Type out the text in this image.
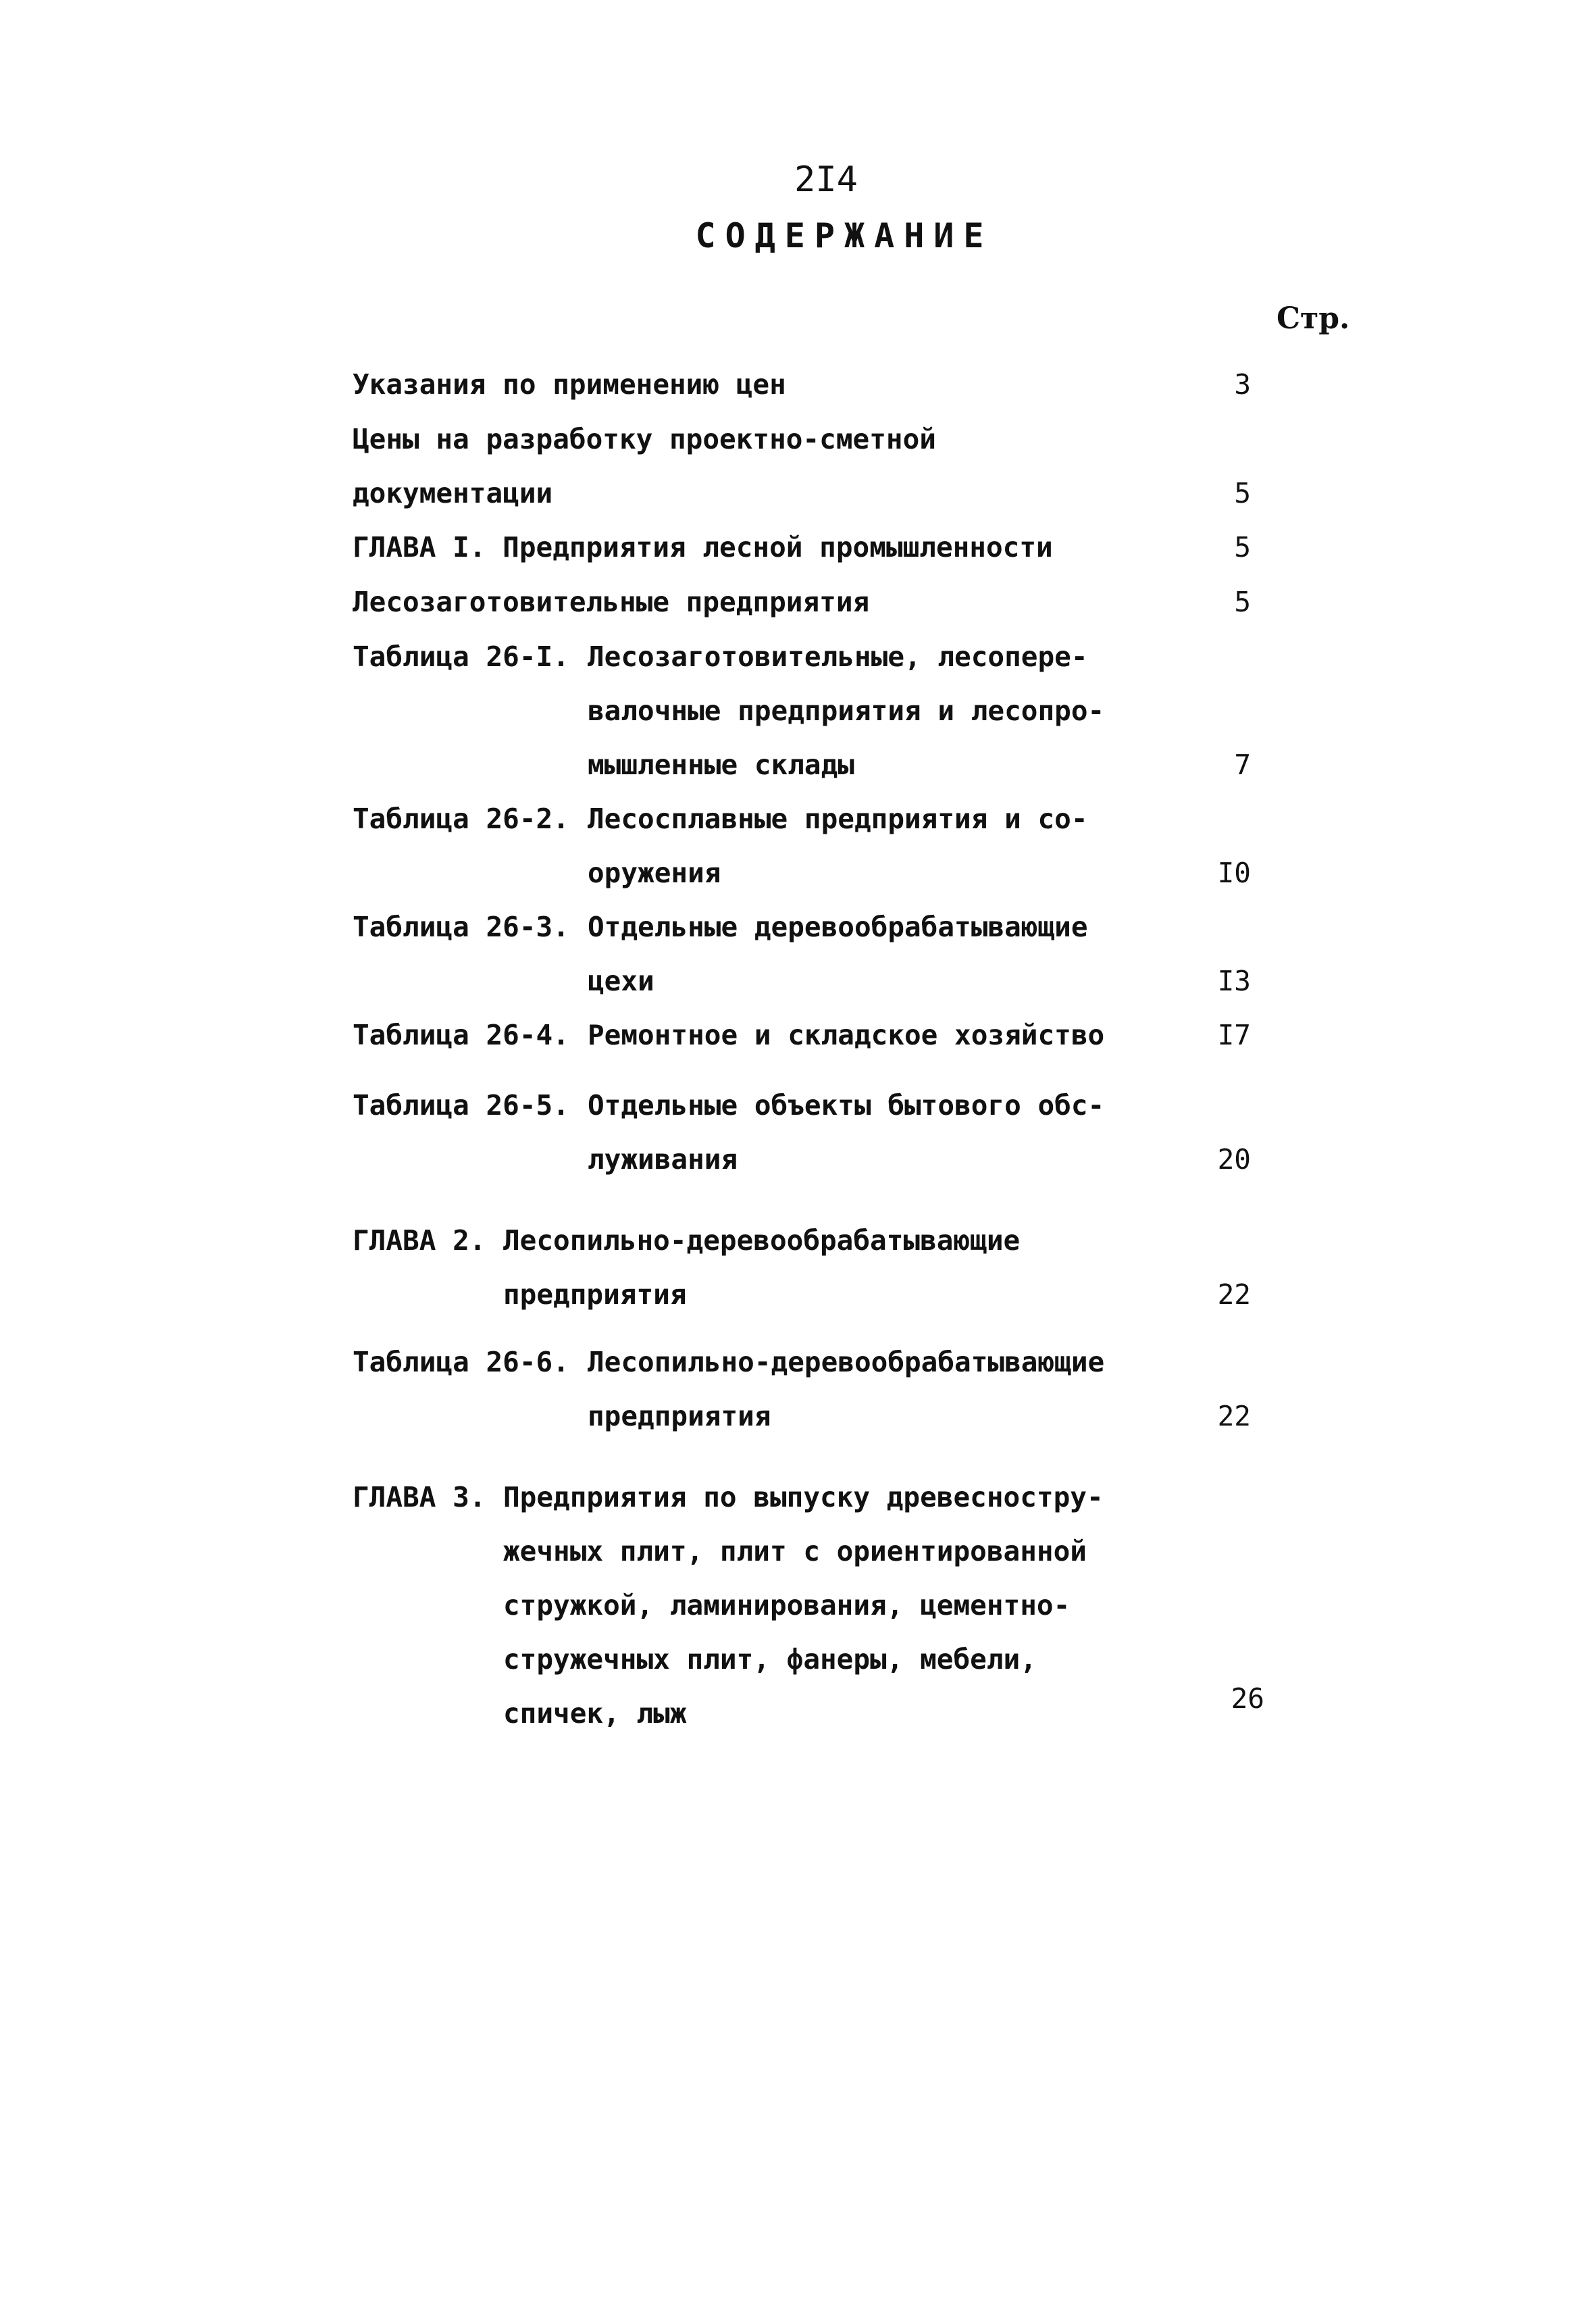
2I4
СОДЕРЖАНИЕ
Стр.
Указания по применению цен	3
Цены на разработку проектно-сметной
документации	5
ГЛАВА I. Предприятия лесной промышленности	5
Лесозаготовительные предприятия	5
Таблица 26-I. Лесозаготовительные, лесопере-
валочные предприятия и лесопро-
мышленные склады	7
Таблица 26-2. Лесосплавные предприятия и со-
оружения	I0
Таблица 26-3. Отдельные деревообрабатывающие
цехи	I3
Таблица 26-4. Ремонтное и складское хозяйство	I7
Таблица 26-5. Отдельные объекты бытового обс-
луживания	20
ГЛАВА 2. Лесопильно-деревообрабатывающие
предприятия	22
Таблица 26-6. Лесопильно-деревообрабатывающие
предприятия	22
ГЛАВА 3. Предприятия по выпуску древесностру-
жечных плит, плит с ориентированной
стружкой, ламинирования, цементно-
стружечных плит, фанеры, мебели,
спичек, лыж	26
